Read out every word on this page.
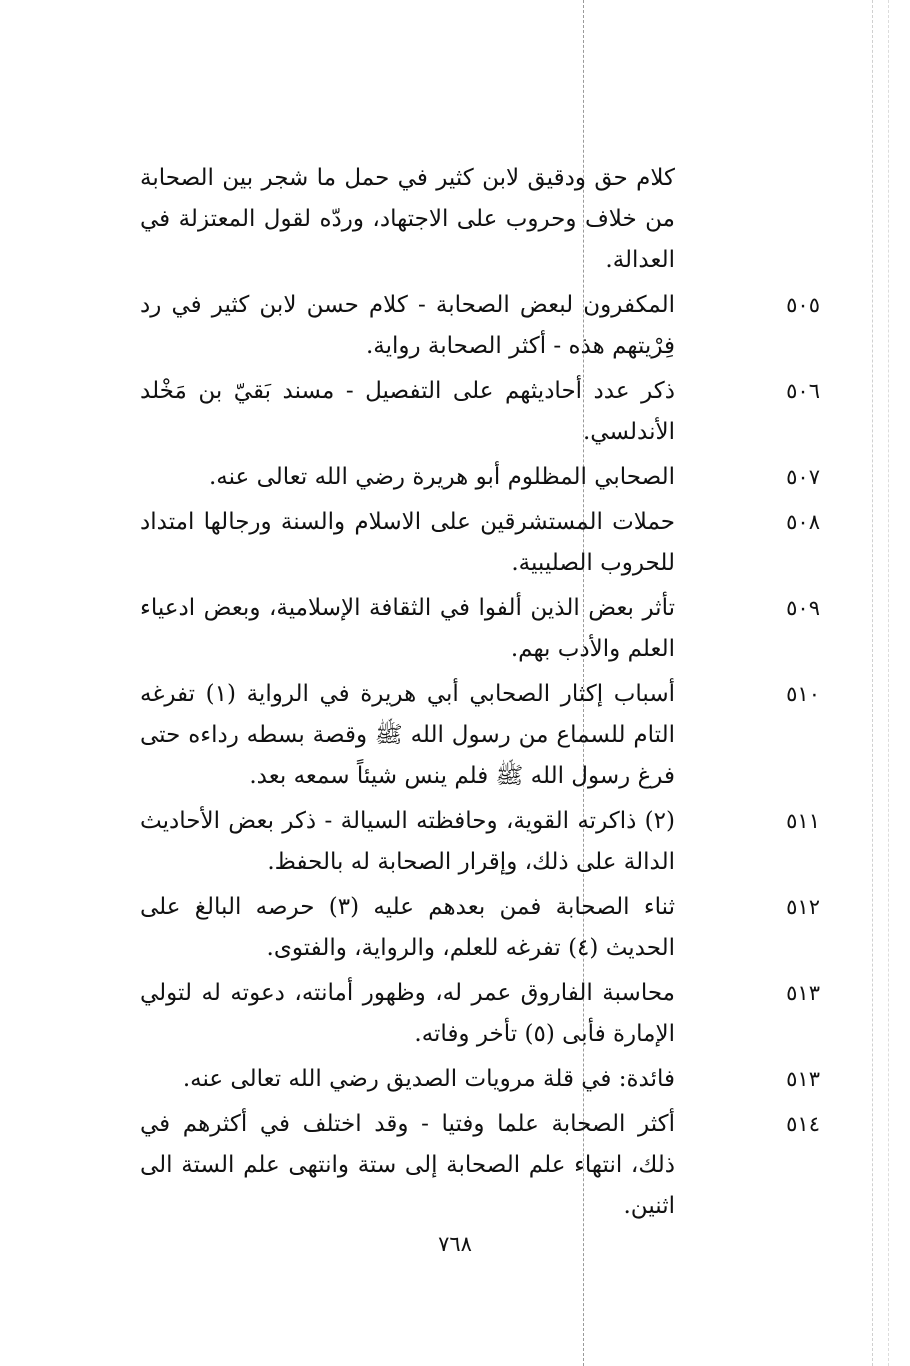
كلام حق ودقيق لابن كثير في حمل ما شجر بين الصحابة من خلاف وحروب على الاجتهاد، وردّه لقول المعتزلة في العدالة.
المكفرون لبعض الصحابة - كلام حسن لابن كثير في رد فِرْيتهم هذه - أكثر الصحابة رواية.
٥٠٥
ذكر عدد أحاديثهم على التفصيل - مسند بَقيّ بن مَخْلد الأندلسي.
٥٠٦
الصحابي المظلوم أبو هريرة رضي الله تعالى عنه.	٥٠٧
حملات المستشرقين على الاسلام والسنة ورجالها امتداد للحروب الصليبية.
٥٠٨
تأثر بعض الذين ألفوا في الثقافة الإسلامية، وبعض ادعياء العلم والأدب بهم.
٥٠٩
أسباب إكثار الصحابي أبي هريرة في الرواية (١) تفرغه التام للسماع من رسول الله ﷺ وقصة بسطه رداءه حتى فرغ رسول الله ﷺ فلم ينس شيئاً سمعه بعد.
٥١٠
(٢) ذاكرته القوية، وحافظته السيالة - ذكر بعض الأحاديث الدالة على ذلك، وإقرار الصحابة له بالحفظ.
٥١١
ثناء الصحابة فمن بعدهم عليه (٣) حرصه البالغ على الحديث (٤) تفرغه للعلم، والرواية، والفتوى.
٥١٢
محاسبة الفاروق عمر له، وظهور أمانته، دعوته له لتولي الإمارة فأبى (٥) تأخر وفاته.
٥١٣
فائدة: في قلة مرويات الصديق رضي الله تعالى عنه.	٥١٣
أكثر الصحابة علما وفتيا - وقد اختلف في أكثرهم في ذلك، انتهاء علم الصحابة إلى ستة وانتهى علم الستة الى اثنين.
٥١٤
٧٦٨
